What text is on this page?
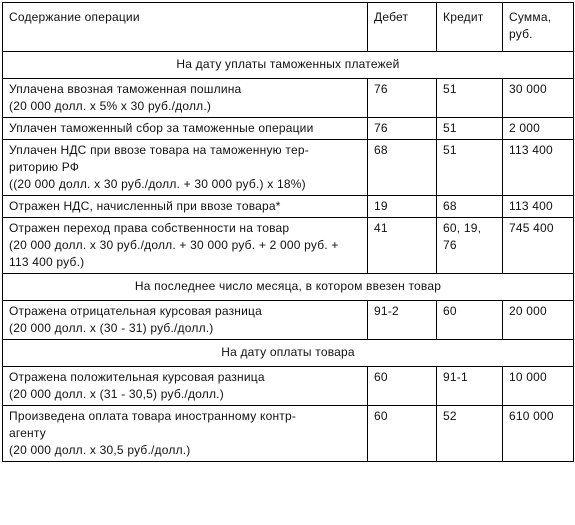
Содержание операции	Дебет	Кредит	Сумма,
руб.

На дату уплаты таможенных платежей			

Уплачена ввозная таможенная пошлина
(20 000 долл. х 5% х 30 руб./долл.)	76	51	30 000

Уплачен таможенный сбор за таможенные операции	76	51	2 000

Уплачен НДС при ввозе товара на таможенную тер-
риторию РФ
((20 000 долл. х 30 руб./долл. + 30 000 руб.) х 18%)	68	51	113 400

Отражен НДС, начисленный при ввозе товара*	19	68	113 400

Отражен переход права собственности на товар
(20 000 долл. х 30 руб./долл. + 30 000 руб. + 2 000 руб. +
113 400 руб.)	41	60, 19,
76	745 400
На последнее число месяца, в котором ввезен товар			

Отражена отрицательная курсовая разница
(20 000 долл. х (30 - 31) руб./долл.)	91-2	60	20 000
На дату оплаты товара			

Отражена положительная курсовая разница
(20 000 долл. х (31 - 30,5) руб./долл.)	60	91-1	10 000

Произведена оплата товара иностранному контр-
агенту
(20 000 долл. х 30,5 руб./долл.)	60	52	610 000
